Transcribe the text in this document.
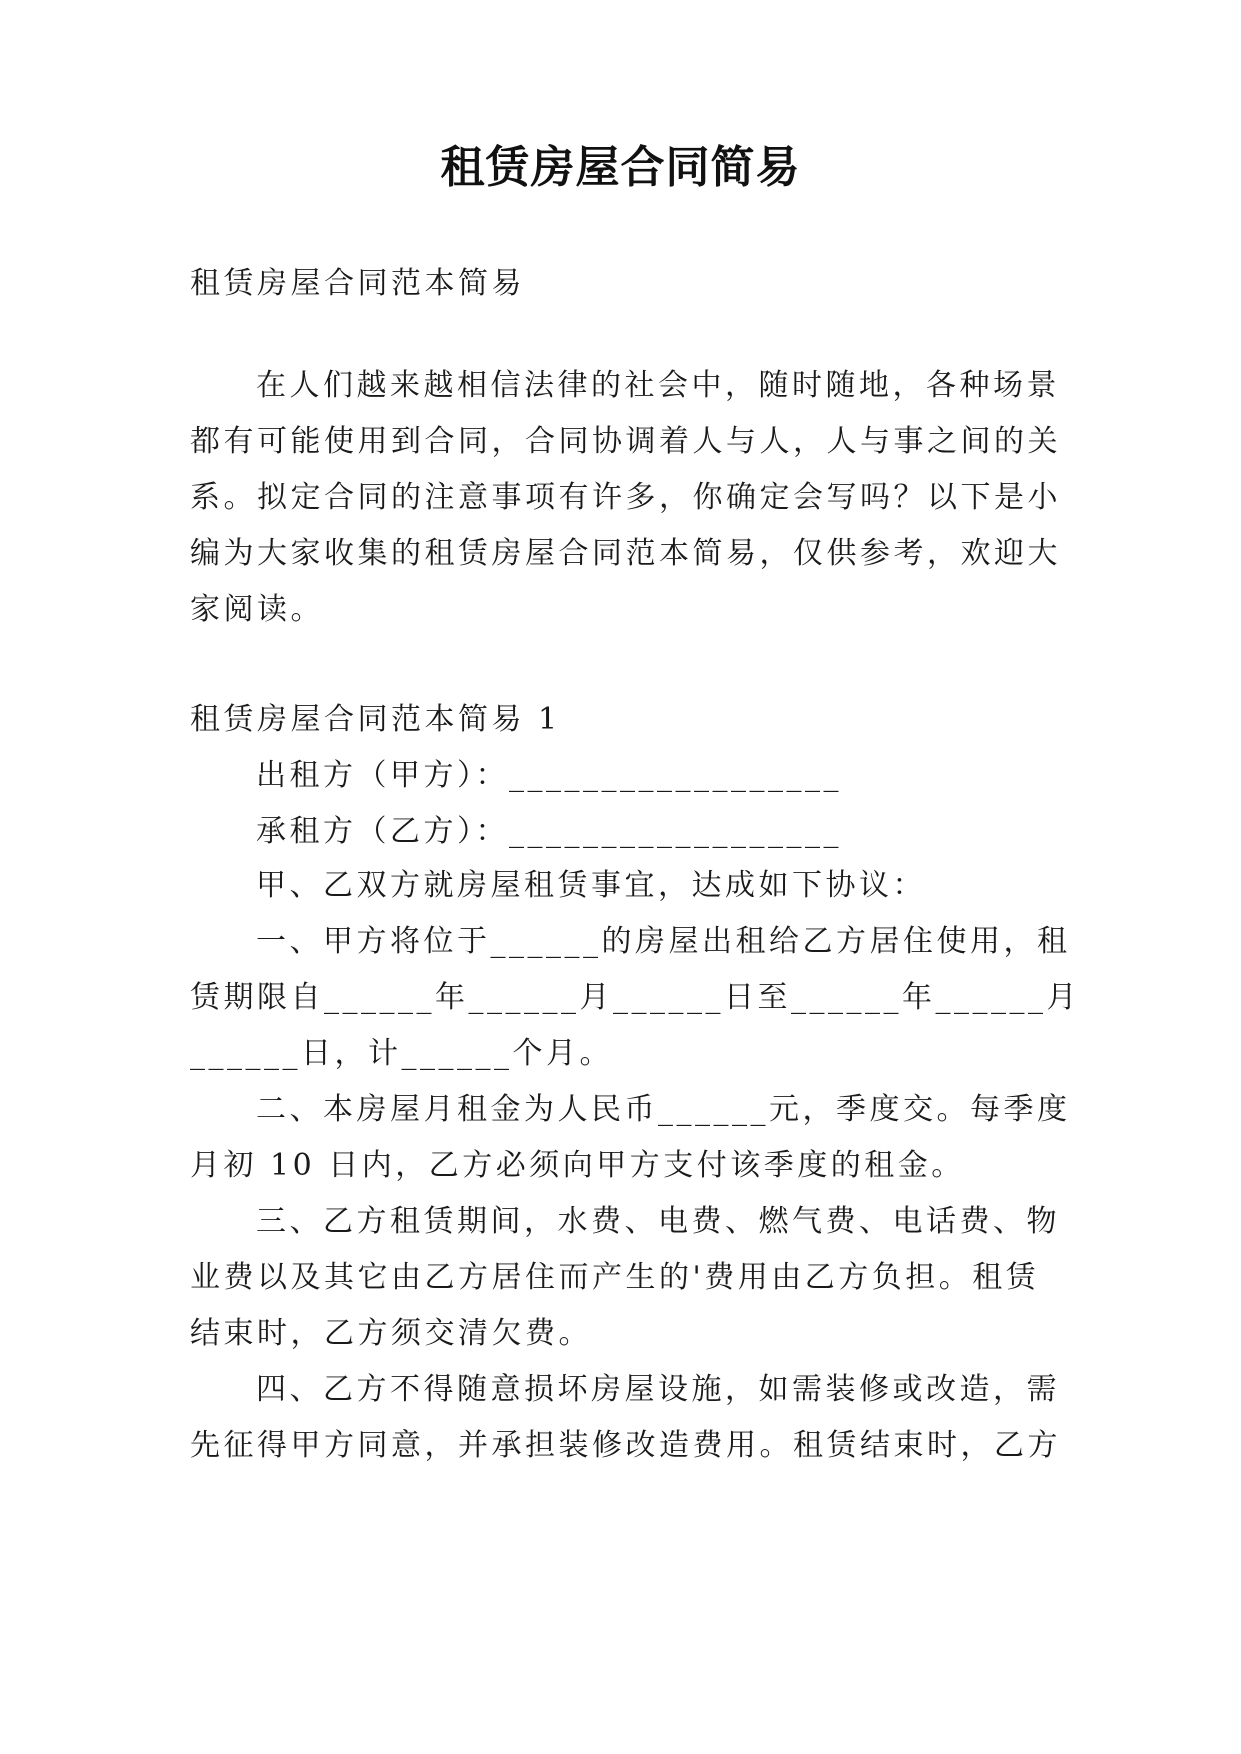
租赁房屋合同简易
租赁房屋合同范本简易
在人们越来越相信法律的社会中，随时随地，各种场景
都有可能使用到合同，合同协调着人与人，人与事之间的关
系。拟定合同的注意事项有许多，你确定会写吗？以下是小
编为大家收集的租赁房屋合同范本简易，仅供参考，欢迎大
家阅读。
租赁房屋合同范本简易 1
出租方（甲方）：__________________
承租方（乙方）：__________________
甲、乙双方就房屋租赁事宜，达成如下协议：
一、甲方将位于______的房屋出租给乙方居住使用，租
赁期限自______年______月______日至______年______月
______日，计______个月。
二、本房屋月租金为人民币______元，季度交。每季度
月初 10 日内，乙方必须向甲方支付该季度的租金。
三、乙方租赁期间，水费、电费、燃气费、电话费、物
业费以及其它由乙方居住而产生的'费用由乙方负担。租赁
结束时，乙方须交清欠费。
四、乙方不得随意损坏房屋设施，如需装修或改造，需
先征得甲方同意，并承担装修改造费用。租赁结束时，乙方
